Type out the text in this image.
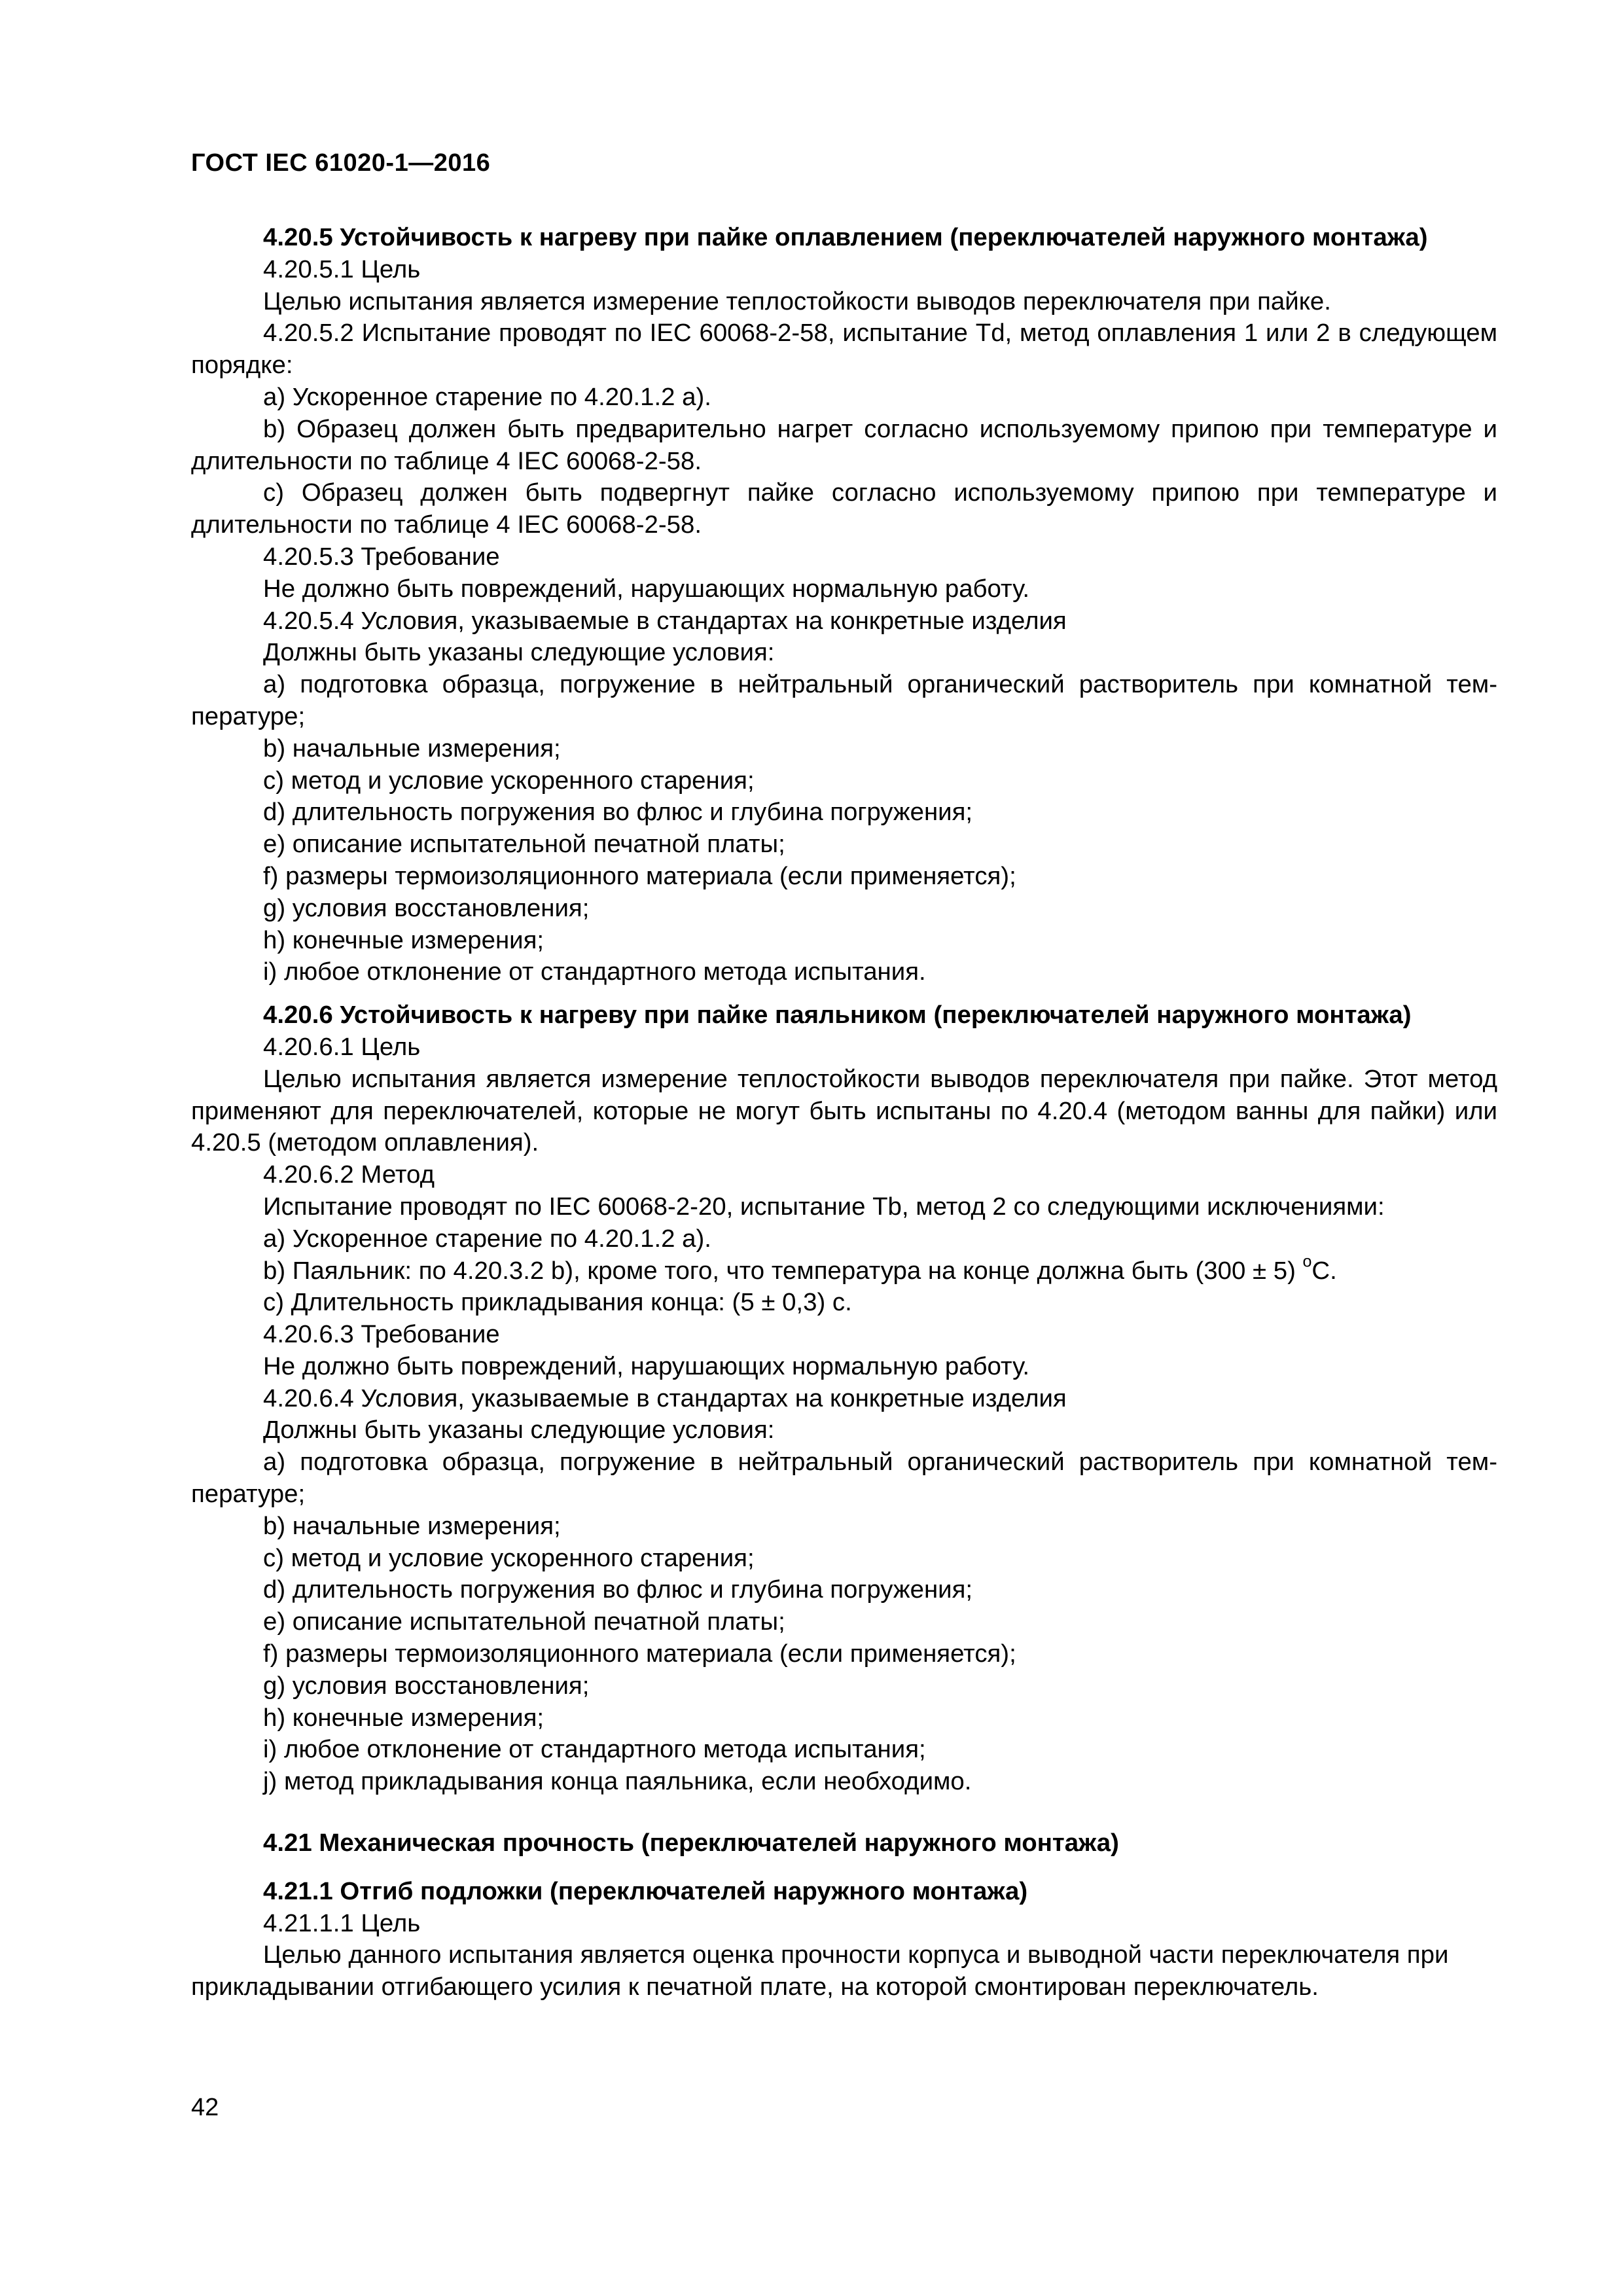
ГОСТ IEC 61020-1—2016

4.20.5 Устойчивость к нагреву при пайке оплавлением (переключателей наружного монтажа)

4.20.5.1 Цель

Целью испытания является измерение теплостойкости выводов переключателя при пайке.

4.20.5.2 Испытание проводят по IEC 60068-2-58, испытание Td, метод оплавления 1 или 2 в следующем порядке:

a) Ускоренное старение по 4.20.1.2 a).

b) Образец должен быть предварительно нагрет согласно используемому припою при температуре и длительности по таблице 4 IEC 60068-2-58.

c) Образец должен быть подвергнут пайке согласно используемому припою при температуре и длительности по таблице 4 IEC 60068-2-58.

4.20.5.3 Требование

Не должно быть повреждений, нарушающих нормальную работу.

4.20.5.4 Условия, указываемые в стандартах на конкретные изделия

Должны быть указаны следующие условия:

a) подготовка образца, погружение в нейтральный органический растворитель при комнатной температуре;

b) начальные измерения;

c) метод и условие ускоренного старения;

d) длительность погружения во флюс и глубина погружения;

e) описание испытательной печатной платы;

f) размеры термоизоляционного материала (если применяется);

g) условия восстановления;

h) конечные измерения;

i) любое отклонение от стандартного метода испытания.

4.20.6 Устойчивость к нагреву при пайке паяльником (переключателей наружного монтажа)

4.20.6.1 Цель

Целью испытания является измерение теплостойкости выводов переключателя при пайке. Этот метод применяют для переключателей, которые не могут быть испытаны по 4.20.4 (методом ванны для пайки) или 4.20.5 (методом оплавления).

4.20.6.2 Метод

Испытание проводят по IEC 60068-2-20, испытание Tb, метод 2 со следующими исключениями:

a) Ускоренное старение по 4.20.1.2 a).

b) Паяльник: по 4.20.3.2 b), кроме того, что температура на конце должна быть (300 ± 5) $^o$C.

c) Длительность прикладывания конца: (5 ± 0,3) c.

4.20.6.3 Требование

Не должно быть повреждений, нарушающих нормальную работу.

4.20.6.4 Условия, указываемые в стандартах на конкретные изделия

Должны быть указаны следующие условия:

a) подготовка образца, погружение в нейтральный органический растворитель при комнатной температуре;

b) начальные измерения;

c) метод и условие ускоренного старения;

d) длительность погружения во флюс и глубина погружения;

e) описание испытательной печатной платы;

f) размеры термоизоляционного материала (если применяется);

g) условия восстановления;

h) конечные измерения;

i) любое отклонение от стандартного метода испытания;

j) метод прикладывания конца паяльника, если необходимо.

4.21 Механическая прочность (переключателей наружного монтажа)

4.21.1 Отгиб подложки (переключателей наружного монтажа)

4.21.1.1 Цель

Целью данного испытания является оценка прочности корпуса и выводной части переключателя при прикладывании отгибающего усилия к печатной плате, на которой смонтирован переключатель.

42
